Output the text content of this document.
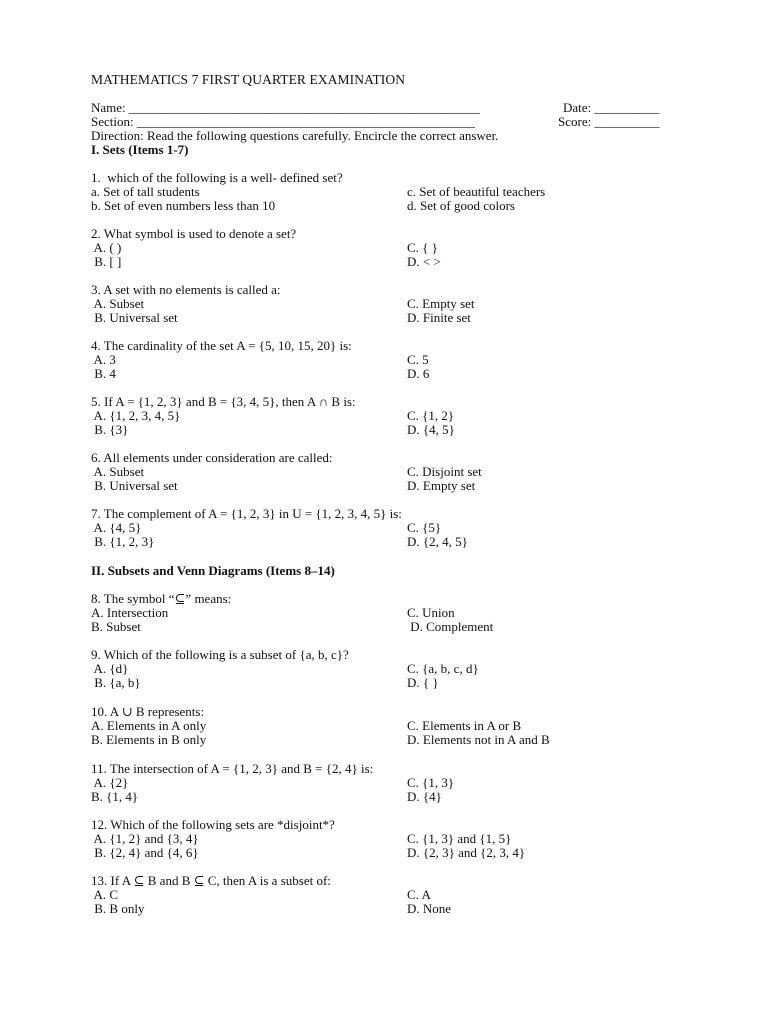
MATHEMATICS 7 FIRST QUARTER EXAMINATION
Name: ______________________________________________________	Date: __________
Section: ____________________________________________________	Score: __________
Direction: Read the following questions carefully. Encircle the correct answer.
I. Sets (Items 1-7)
1.  which of the following is a well- defined set?
a. Set of tall students	c. Set of beautiful teachers
b. Set of even numbers less than 10	d. Set of good colors
2. What symbol is used to denote a set?
A. ( )	C. { }
B. [ ]	D. < >
3. A set with no elements is called a:
A. Subset	C. Empty set
B. Universal set	D. Finite set
4. The cardinality of the set A = {5, 10, 15, 20} is:
A. 3	C. 5
B. 4	D. 6
5. If A = {1, 2, 3} and B = {3, 4, 5}, then A ∩ B is:
A. {1, 2, 3, 4, 5}	C. {1, 2}
B. {3}	D. {4, 5}
6. All elements under consideration are called:
A. Subset	C. Disjoint set
B. Universal set	D. Empty set
7. The complement of A = {1, 2, 3} in U = {1, 2, 3, 4, 5} is:
A. {4, 5}	C. {5}
B. {1, 2, 3}	D. {2, 4, 5}
II. Subsets and Venn Diagrams (Items 8–14)
8. The symbol “⊆” means:
A. Intersection	C. Union
B. Subset	D. Complement
9. Which of the following is a subset of {a, b, c}?
A. {d}	C. {a, b, c, d}
B. {a, b}	D. { }
10. A ∪ B represents:
A. Elements in A only	C. Elements in A or B
B. Elements in B only	D. Elements not in A and B
11. The intersection of A = {1, 2, 3} and B = {2, 4} is:
A. {2}	C. {1, 3}
B. {1, 4}	D. {4}
12. Which of the following sets are *disjoint*?
A. {1, 2} and {3, 4}	C. {1, 3} and {1, 5}
B. {2, 4} and {4, 6}	D. {2, 3} and {2, 3, 4}
13. If A ⊆ B and B ⊆ C, then A is a subset of:
A. C	C. A
B. B only	D. None
